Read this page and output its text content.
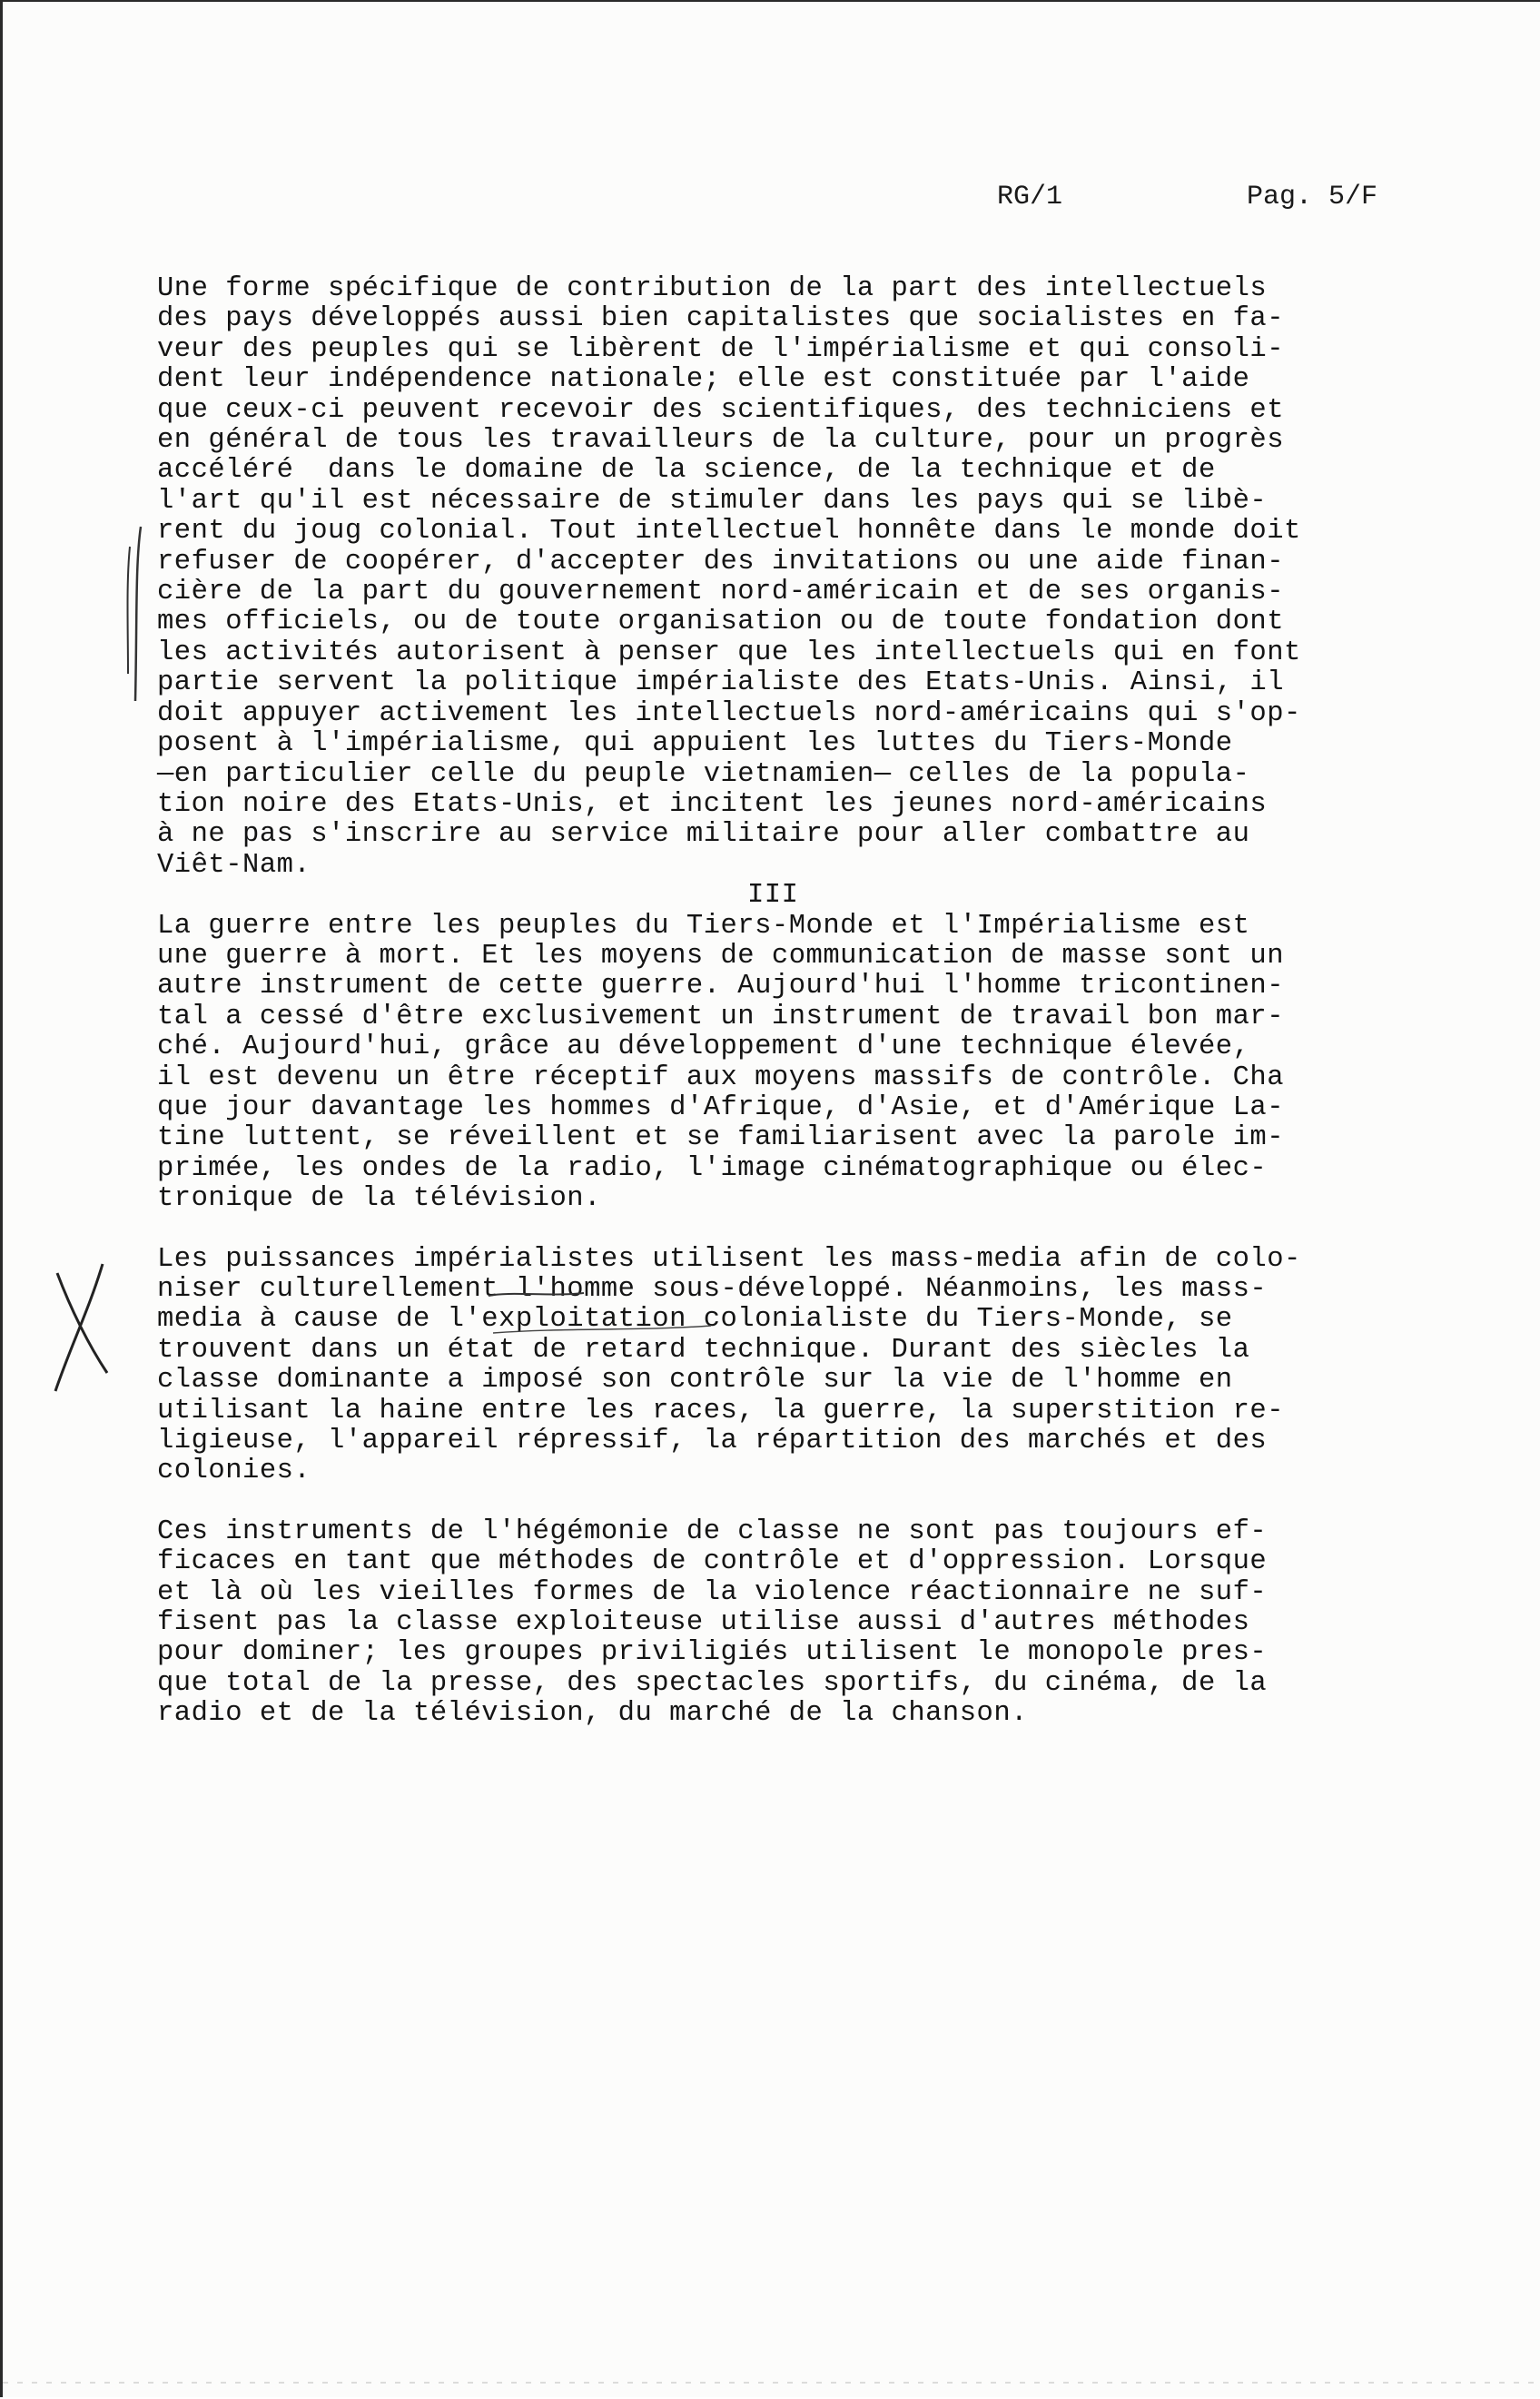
RG/1	Pag. 5/F

Une forme spécifique de contribution de la part des intellectuels

des pays développés aussi bien capitalistes que socialistes en fa-

veur des peuples qui se libèrent de l'impérialisme et qui consoli-

dent leur indépendence nationale; elle est constituée par l'aide

que ceux-ci peuvent recevoir des scientifiques, des techniciens et

en général de tous les travailleurs de la culture, pour un progrès

accéléré  dans le domaine de la science, de la technique et de

l'art qu'il est nécessaire de stimuler dans les pays qui se libè-

rent du joug colonial. Tout intellectuel honnête dans le monde doit

refuser de coopérer, d'accepter des invitations ou une aide finan-

cière de la part du gouvernement nord-américain et de ses organis-

mes officiels, ou de toute organisation ou de toute fondation dont

les activités autorisent à penser que les intellectuels qui en font

partie servent la politique impérialiste des Etats-Unis. Ainsi, il

doit appuyer activement les intellectuels nord-américains qui s'op-

posent à l'impérialisme, qui appuient les luttes du Tiers-Monde

—en particulier celle du peuple vietnamien— celles de la popula-

tion noire des Etats-Unis, et incitent les jeunes nord-américains

à ne pas s'inscrire au service militaire pour aller combattre au

Viêt-Nam.

III

La guerre entre les peuples du Tiers-Monde et l'Impérialisme est

une guerre à mort. Et les moyens de communication de masse sont un

autre instrument de cette guerre. Aujourd'hui l'homme tricontinen-

tal a cessé d'être exclusivement un instrument de travail bon mar-

ché. Aujourd'hui, grâce au développement d'une technique élevée,

il est devenu un être réceptif aux moyens massifs de contrôle. Cha

que jour davantage les hommes d'Afrique, d'Asie, et d'Amérique La-

tine luttent, se réveillent et se familiarisent avec la parole im-

primée, les ondes de la radio, l'image cinématographique ou élec-

tronique de la télévision.

Les puissances impérialistes utilisent les mass-media afin de colo-

niser culturellement l'homme sous-développé. Néanmoins, les mass-

media à cause de l'exploitation colonialiste du Tiers-Monde, se

trouvent dans un état de retard technique. Durant des siècles la

classe dominante a imposé son contrôle sur la vie de l'homme en

utilisant la haine entre les races, la guerre, la superstition re-

ligieuse, l'appareil répressif, la répartition des marchés et des

colonies.

Ces instruments de l'hégémonie de classe ne sont pas toujours ef-

ficaces en tant que méthodes de contrôle et d'oppression. Lorsque

et là où les vieilles formes de la violence réactionnaire ne suf-

fisent pas la classe exploiteuse utilise aussi d'autres méthodes

pour dominer; les groupes priviligiés utilisent le monopole pres-

que total de la presse, des spectacles sportifs, du cinéma, de la

radio et de la télévision, du marché de la chanson.
